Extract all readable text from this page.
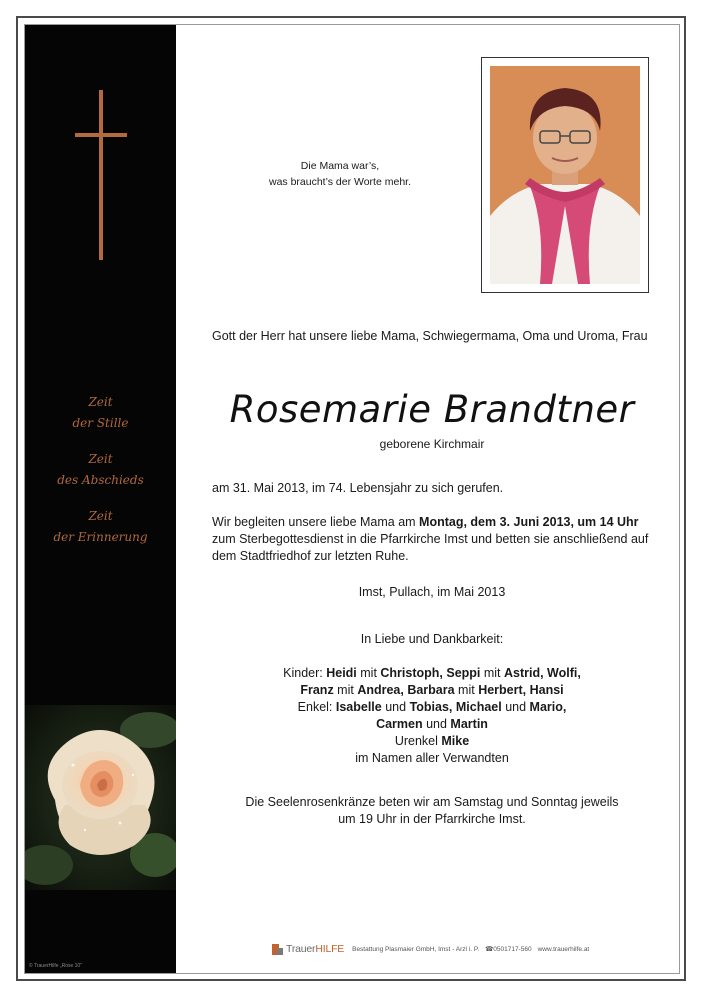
Zeit
der Stille
Zeit
des Abschieds
Zeit
der Erinnerung
© TrauerHilfe „Rose 10"
Die Mama war’s,
was braucht’s der Worte mehr.
Gott der Herr hat unsere liebe Mama, Schwiegermama, Oma und Uroma, Frau
Rosemarie Brandtner
geborene Kirchmair
am 31. Mai 2013, im 74. Lebensjahr zu sich gerufen.
Wir begleiten unsere liebe Mama am Montag, dem 3. Juni 2013, um 14 Uhr zum Sterbegottesdienst in die Pfarrkirche Imst und betten sie anschließend auf dem Stadtfriedhof zur letzten Ruhe.
Imst, Pullach, im Mai 2013
In Liebe und Dankbarkeit:
Kinder: Heidi mit Christoph, Seppi mit Astrid, Wolfi,
Franz mit Andrea, Barbara mit Herbert, Hansi
Enkel: Isabelle und Tobias, Michael und Mario,
Carmen und Martin
Urenkel Mike
im Namen aller Verwandten
Die Seelenrosenkränze beten wir am Samstag und Sonntag jeweils
um 19 Uhr in der Pfarrkirche Imst.
TrauerHILFE Bestattung Plasmaier GmbH, Imst - Arzl i. P. ☎0501717-560 www.trauerhilfe.at
